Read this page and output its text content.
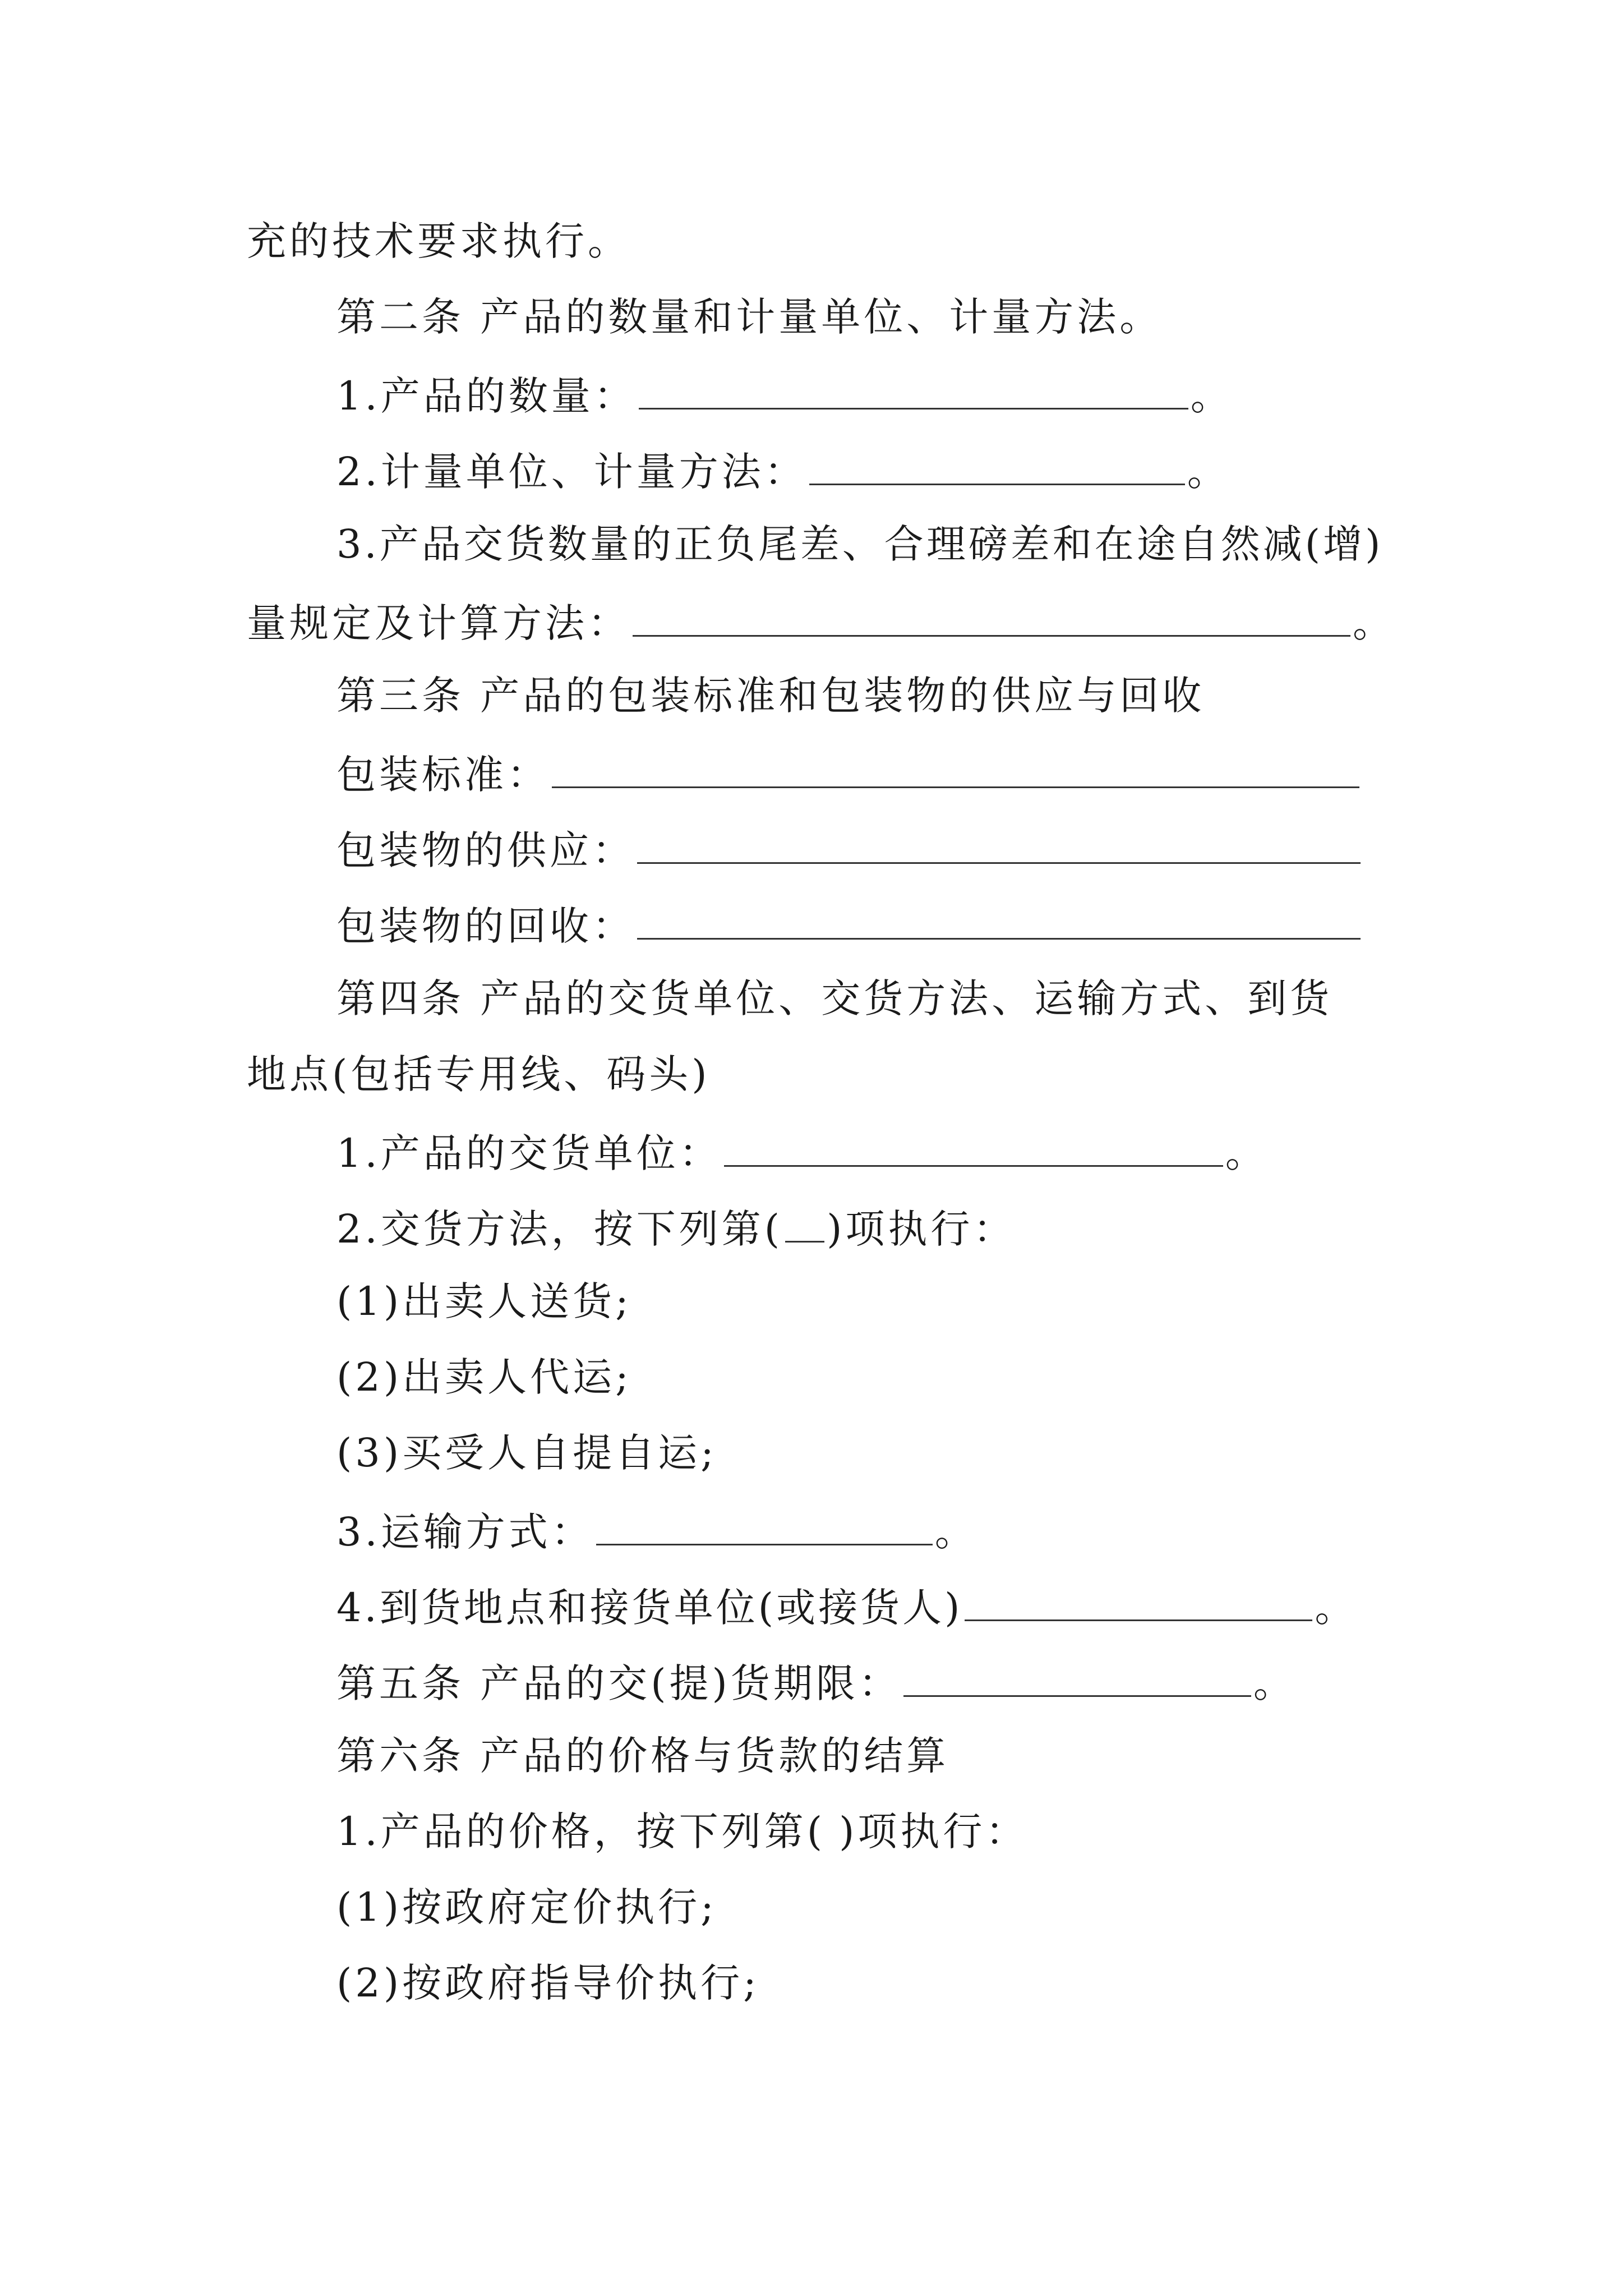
充的技术要求执行。
第二条 产品的数量和计量单位、计量方法。
1.产品的数量：	。
2.计量单位、计量方法：	。
3.产品交货数量的正负尾差、合理磅差和在途自然减(增)
量规定及计算方法：	。
第三条 产品的包装标准和包装物的供应与回收
包装标准：
包装物的供应：
包装物的回收：
第四条 产品的交货单位、交货方法、运输方式、到货
地点(包括专用线、码头)
1.产品的交货单位：	。
2.交货方法，按下列第( )项执行：
(1)出卖人送货;
(2)出卖人代运;
(3)买受人自提自运;
3.运输方式：	。
4.到货地点和接货单位(或接货人)	。
第五条 产品的交(提)货期限：	。
第六条 产品的价格与货款的结算
1.产品的价格，按下列第( )项执行：
(1)按政府定价执行;
(2)按政府指导价执行;
